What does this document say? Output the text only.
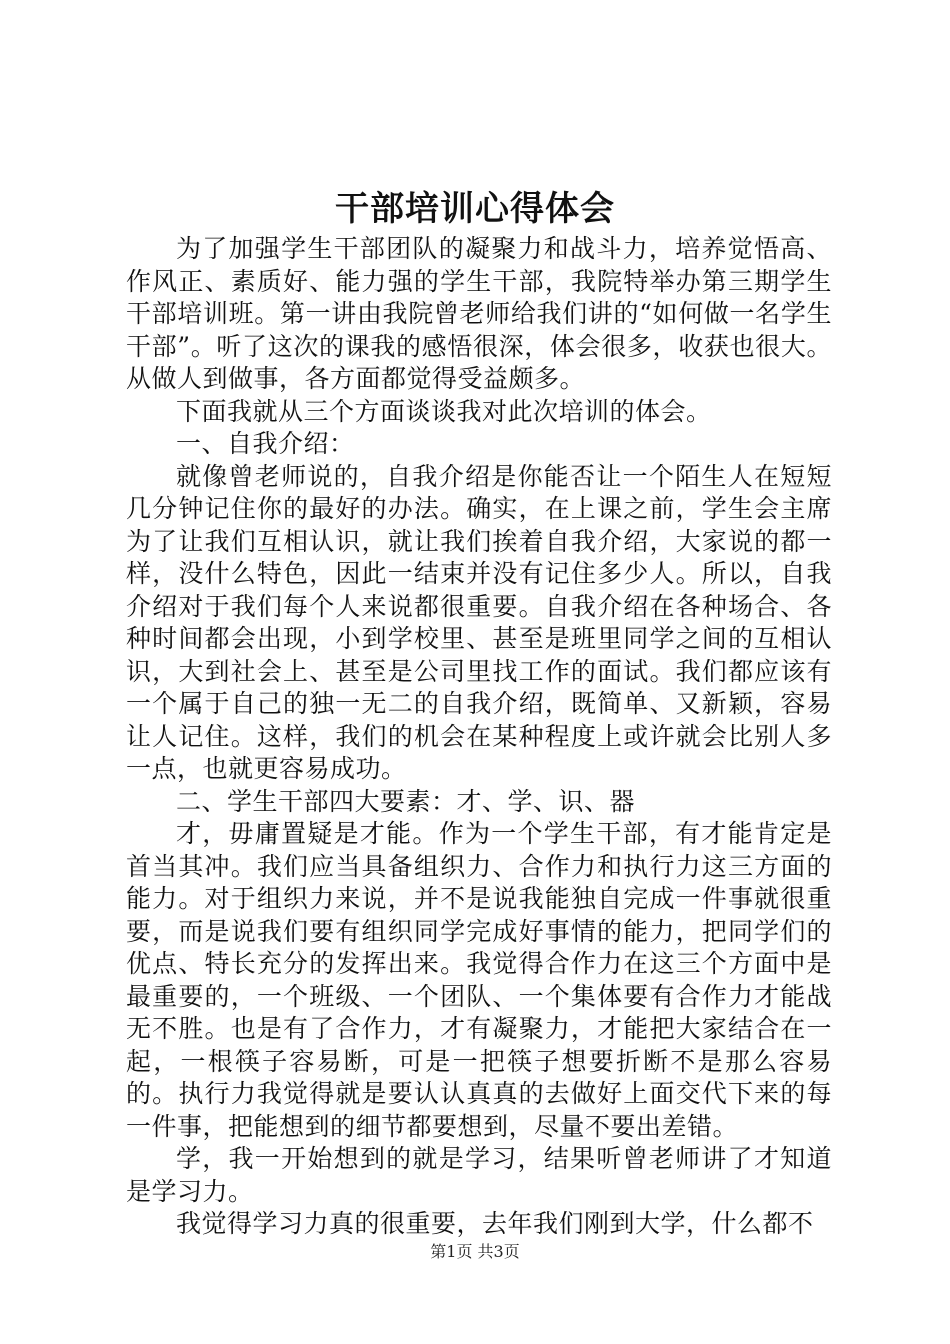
干部培训心得体会

为了加强学生干部团队的凝聚力和战斗力，培养觉悟高、作风正、素质好、能力强的学生干部，我院特举办第三期学生干部培训班。第一讲由我院曾老师给我们讲的“如何做一名学生干部”。听了这次的课我的感悟很深，体会很多，收获也很大。从做人到做事，各方面都觉得受益颇多。

下面我就从三个方面谈谈我对此次培训的体会。

一、自我介绍：

就像曾老师说的，自我介绍是你能否让一个陌生人在短短几分钟记住你的最好的办法。确实，在上课之前，学生会主席为了让我们互相认识，就让我们挨着自我介绍，大家说的都一样，没什么特色，因此一结束并没有记住多少人。所以，自我介绍对于我们每个人来说都很重要。自我介绍在各种场合、各种时间都会出现，小到学校里、甚至是班里同学之间的互相认识，大到社会上、甚至是公司里找工作的面试。我们都应该有一个属于自己的独一无二的自我介绍，既简单、又新颖，容易让人记住。这样，我们的机会在某种程度上或许就会比别人多一点，也就更容易成功。

二、学生干部四大要素：才、学、识、器

才，毋庸置疑是才能。作为一个学生干部，有才能肯定是首当其冲。我们应当具备组织力、合作力和执行力这三方面的能力。对于组织力来说，并不是说我能独自完成一件事就很重要，而是说我们要有组织同学完成好事情的能力，把同学们的优点、特长充分的发挥出来。我觉得合作力在这三个方面中是最重要的，一个班级、一个团队、一个集体要有合作力才能战无不胜。也是有了合作力，才有凝聚力，才能把大家结合在一起，一根筷子容易断，可是一把筷子想要折断不是那么容易的。执行力我觉得就是要认认真真的去做好上面交代下来的每一件事，把能想到的细节都要想到，尽量不要出差错。

学，我一开始想到的就是学习，结果听曾老师讲了才知道是学习力。

我觉得学习力真的很重要，去年我们刚到大学，什么都不

第1页 共3页
